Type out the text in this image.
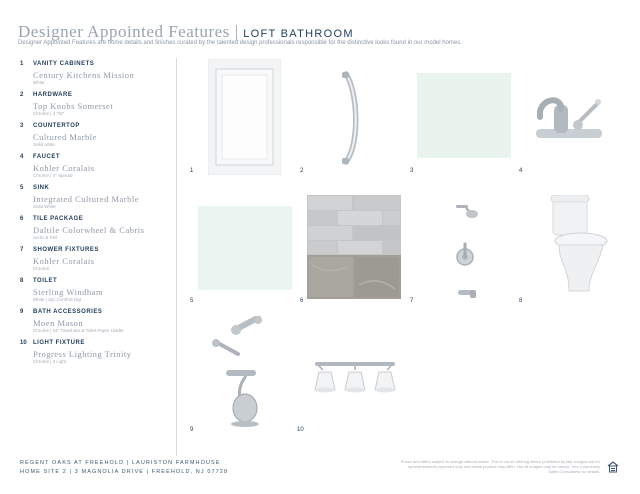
Designer Appointed Features | LOFT BATHROOM
Designer Appointed Features are home details and finishes curated by the talented design professionals responsible for the distinctive looks found in our model homes.
1 VANITY CABINETS
Century Kitchens Mission
White
2 HARDWARE
Top Knobs Somerset
Chrome | 4 7/8"
3 COUNTERTOP
Cultured Marble
Solid white
4 FAUCET
Kohler Coralais
Chrome | 4" Spread
5 SINK
Integrated Cultured Marble
Solid White
6 TILE PACKAGE
Daltile Colorwheel & Cabris
Arctic & Fiel
7 SHOWER FIXTURES
Kohler Coralais
Chrome
8 TOILET
Sterling Windham
White | 2pc Comfort Hgt
9 BATH ACCESSORIES
Moen Mason
Chrome | 24" Towel Bar & Toilet Paper Holder
10 LIGHT FIXTURE
Progress Lighting Trinity
Chrome | 3 Light
1	2	3	4
5	6	7	8
9	10
REGENT OAKS AT FREEHOLD | LAURISTON FARMHOUSE
HOME SITE 2 | 3 MAGNOLIA DRIVE | FREEHOLD, NJ 07728
Prices and offers subject to change without notice. This is not an offering where prohibited by law. Images are for representational purposes only and actual product may differ. Not all images may be shown. See Community Sales Consultants for details.
